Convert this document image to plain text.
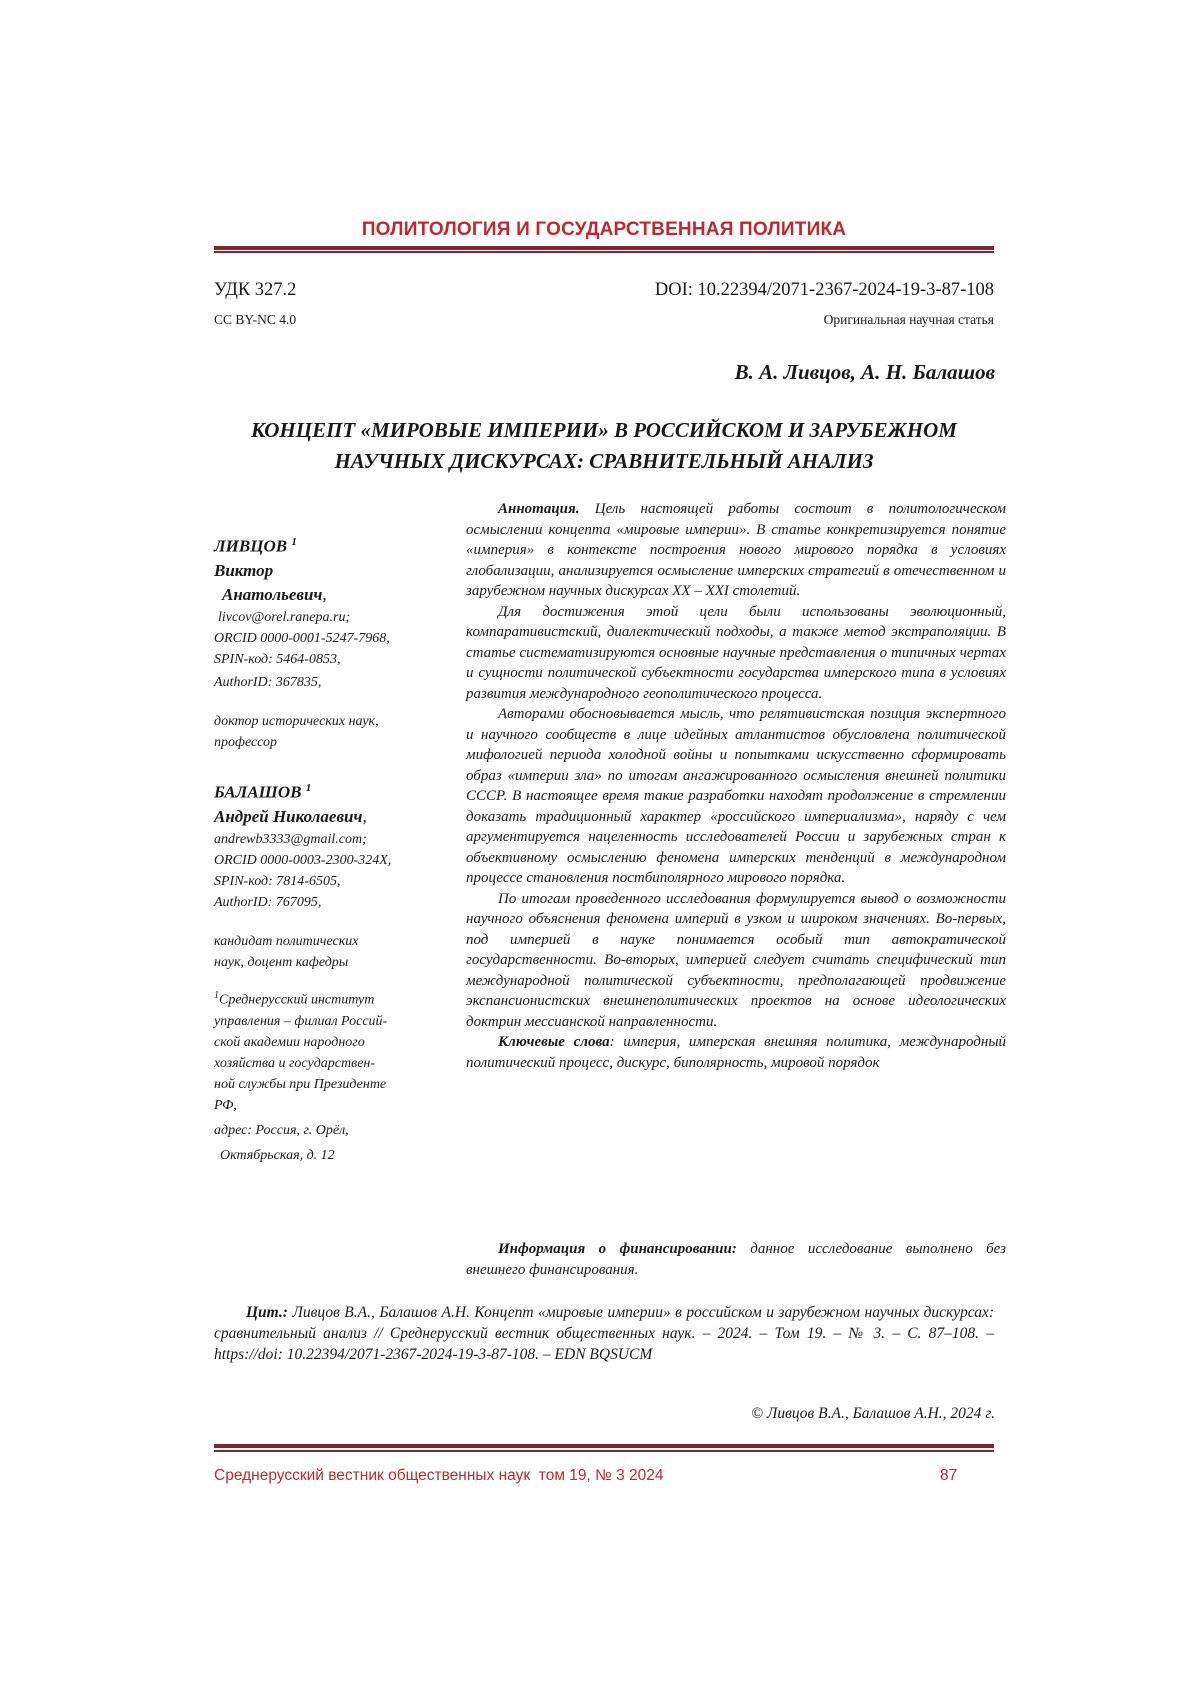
ПОЛИТОЛОГИЯ И ГОСУДАРСТВЕННАЯ ПОЛИТИКА
УДК 327.2	DOI: 10.22394/2071-2367-2024-19-3-87-108
CC BY-NC 4.0	Оригинальная научная статья
В. А. Ливцов, А. Н. Балашов
КОНЦЕПТ «МИРОВЫЕ ИМПЕРИИ» В РОССИЙСКОМ И ЗАРУБЕЖНОМ
НАУЧНЫХ ДИСКУРСАХ: СРАВНИТЕЛЬНЫЙ АНАЛИЗ
ЛИВЦОВ $^1$
Виктор
Анатольевич,

livcov@orel.ranepa.ru;

ORCID 0000-0001-5247-7968,

SPIN-код: 5464-0853,

AuthorID: 367835,

доктор исторических наук,

профессор

БАЛАШОВ $^1$
Андрей Николаевич,

andrewb3333@gmail.com;

ORCID 0000-0003-2300-324X,

SPIN-код: 7814-6505,

AuthorID: 767095,

кандидат политических

наук, доцент кафедры

$^1$Среднерусский институт

управления – филиал Россий-

ской академии народного

хозяйства и государствен-

ной службы при Президенте

РФ,

адрес: Россия, г. Орёл,

Октябрьская, д. 12

Аннотация. Цель настоящей работы состоит в политологическом осмыслении концепта «мировые империи». В статье конкретизируется понятие «империя» в контексте построения нового мирового порядка в условиях глобализации, анализируется осмысление имперских стратегий в отечественном и зарубежном научных дискурсах XX – XXI столетий.

Для достижения этой цели были использованы эволюционный, компаративистский, диалектический подходы, а также метод экстраполяции. В статье систематизируются основные научные представления о типичных чертах и сущности политической субъектности государства имперского типа в условиях развития международного геополитического процесса.

Авторами обосновывается мысль, что релятивистская позиция экспертного и научного сообществ в лице идейных атлантистов обусловлена политической мифологией периода холодной войны и попытками искусственно сформировать образ «империи зла» по итогам ангажированного осмысления внешней политики СССР. В настоящее время такие разработки находят продолжение в стремлении доказать традиционный характер «российского империализма», наряду с чем аргументируется нацеленность исследователей России и зарубежных стран к объективному осмыслению феномена имперских тенденций в международном процессе становления постбиполярного мирового порядка.

По итогам проведенного исследования формулируется вывод о возможности научного объяснения феномена империй в узком и широком значениях. Во-первых, под империей в науке понимается особый тип автократической государственности. Во-вторых, империей следует считать специфический тип международной политической субъектности, предполагающей продвижение экспансионистских внешнеполитических проектов на основе идеологических доктрин мессианской направленности.

Ключевые слова: империя, имперская внешняя политика, международный политический процесс, дискурс, биполярность, мировой порядок

Информация о финансировании: данное исследование выполнено без внешнего финансирования.
Цит.: Ливцов В.А., Балашов А.Н. Концепт «мировые империи» в российском и зарубежном научных дискурсах: сравнительный анализ // Среднерусский вестник общественных наук. – 2024. – Том 19. – № 3. – С. 87–108. – https://doi: 10.22394/2071-2367-2024-19-3-87-108. – EDN BQSUCM
© Ливцов В.А., Балашов А.Н., 2024 г.
Среднерусский вестник общественных наук  том 19, № 3 2024	87
